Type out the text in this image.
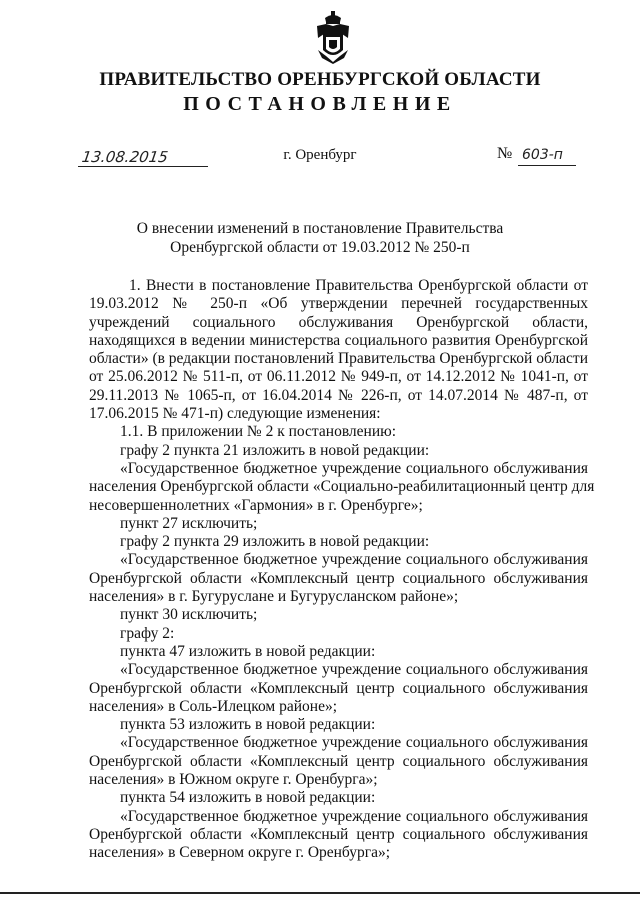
ПРАВИТЕЛЬСТВО ОРЕНБУРГСКОЙ ОБЛАСТИ
ПОСТАНОВЛЕНИЕ
13.08.2015	г. Оренбург	№ 603-п
О внесении изменений в постановление Правительства
Оренбургской области от 19.03.2012 № 250-п
1. Внести в постановление Правительства Оренбургской области от
19.03.2012 № 250-п «Об утверждении перечней государственных
учреждений социального обслуживания Оренбургской области,
находящихся в ведении министерства социального развития Оренбургской
области» (в редакции постановлений Правительства Оренбургской области
от 25.06.2012 № 511-п, от 06.11.2012 № 949-п, от 14.12.2012 № 1041-п, от
29.11.2013 № 1065-п, от 16.04.2014 № 226-п, от 14.07.2014 № 487-п, от
17.06.2015 № 471-п) следующие изменения:
1.1. В приложении № 2 к постановлению:
графу 2 пункта 21 изложить в новой редакции:
«Государственное бюджетное учреждение социального обслуживания
населения Оренбургской области «Социально-реабилитационный центр для
несовершеннолетних «Гармония» в г. Оренбурге»;
пункт 27 исключить;
графу 2 пункта 29 изложить в новой редакции:
«Государственное бюджетное учреждение социального обслуживания
Оренбургской области «Комплексный центр социального обслуживания
населения» в г. Бугуруслане и Бугурусланском районе»;
пункт 30 исключить;
графу 2:
пункта 47 изложить в новой редакции:
«Государственное бюджетное учреждение социального обслуживания
Оренбургской области «Комплексный центр социального обслуживания
населения» в Соль-Илецком районе»;
пункта 53 изложить в новой редакции:
«Государственное бюджетное учреждение социального обслуживания
Оренбургской области «Комплексный центр социального обслуживания
населения» в Южном округе г. Оренбурга»;
пункта 54 изложить в новой редакции:
«Государственное бюджетное учреждение социального обслуживания
Оренбургской области «Комплексный центр социального обслуживания
населения» в Северном округе г. Оренбурга»;
